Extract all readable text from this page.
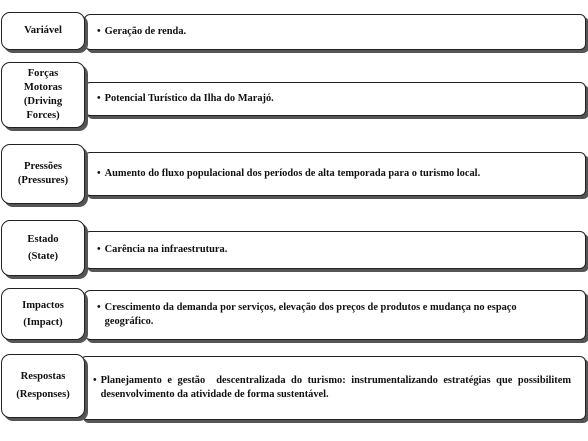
Variável	• Geração de renda.
Forças
Motoras
(Driving
Forces)
• Potencial Turístico da Ilha do Marajó.
Pressões
(Pressures)
• Aumento do fluxo populacional dos períodos de alta temporada para o turismo local.
Estado
(State)
• Carência na infraestrutura.
Impactos
(Impact)
• Crescimento da demanda por serviços, elevação dos preços de produtos e mudança no espaço geográfico.
Respostas
(Responses)
• Planejamento e gestão  descentralizada do turismo: instrumentalizando estratégias que possibilitem desenvolvimento da atividade de forma sustentável.
